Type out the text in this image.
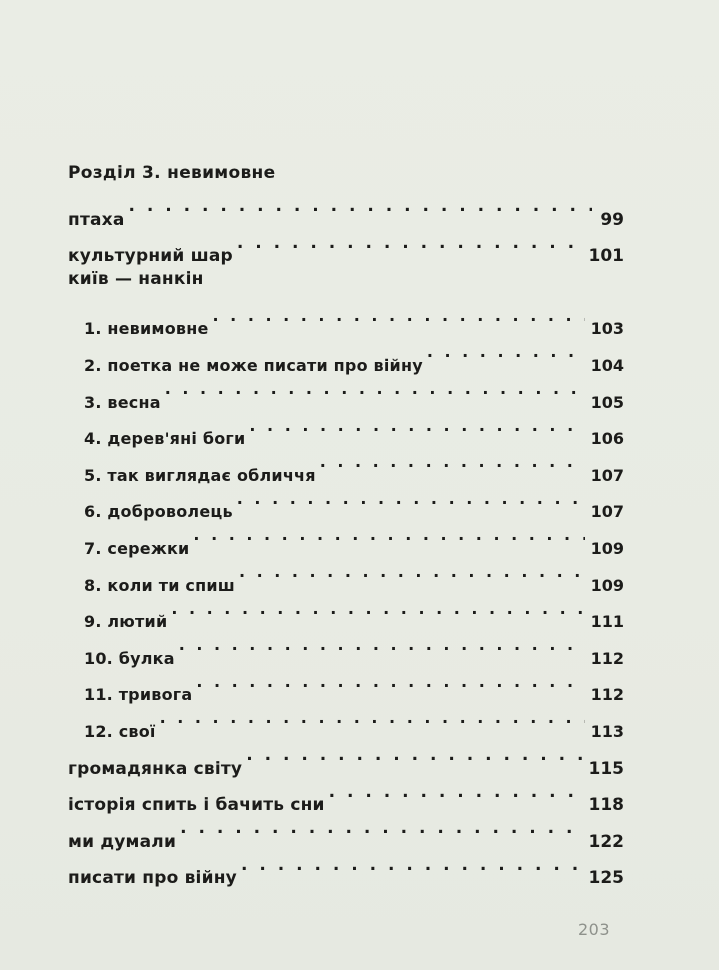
Розділ 3. невимовне
птаха . . .	99
культурний шар . . .	101
київ — нанкін
1. невимовне . . .	103
2. поетка не може писати про війну . . .	104
3. весна . . .	105
4. дерев'яні боги . . .	106
5. так виглядає обличчя . . .	107
6. доброволець . . .	107
7. сережки . . .	109
8. коли ти спиш . . .	109
9. лютий . . .	111
10. булка . . .	112
11. тривога . . .	112
12. свої . . .	113
громадянка світу . . .	115
історія спить і бачить сни . . .	118
ми думали . . .	122
писати про війну . . .	125
203
